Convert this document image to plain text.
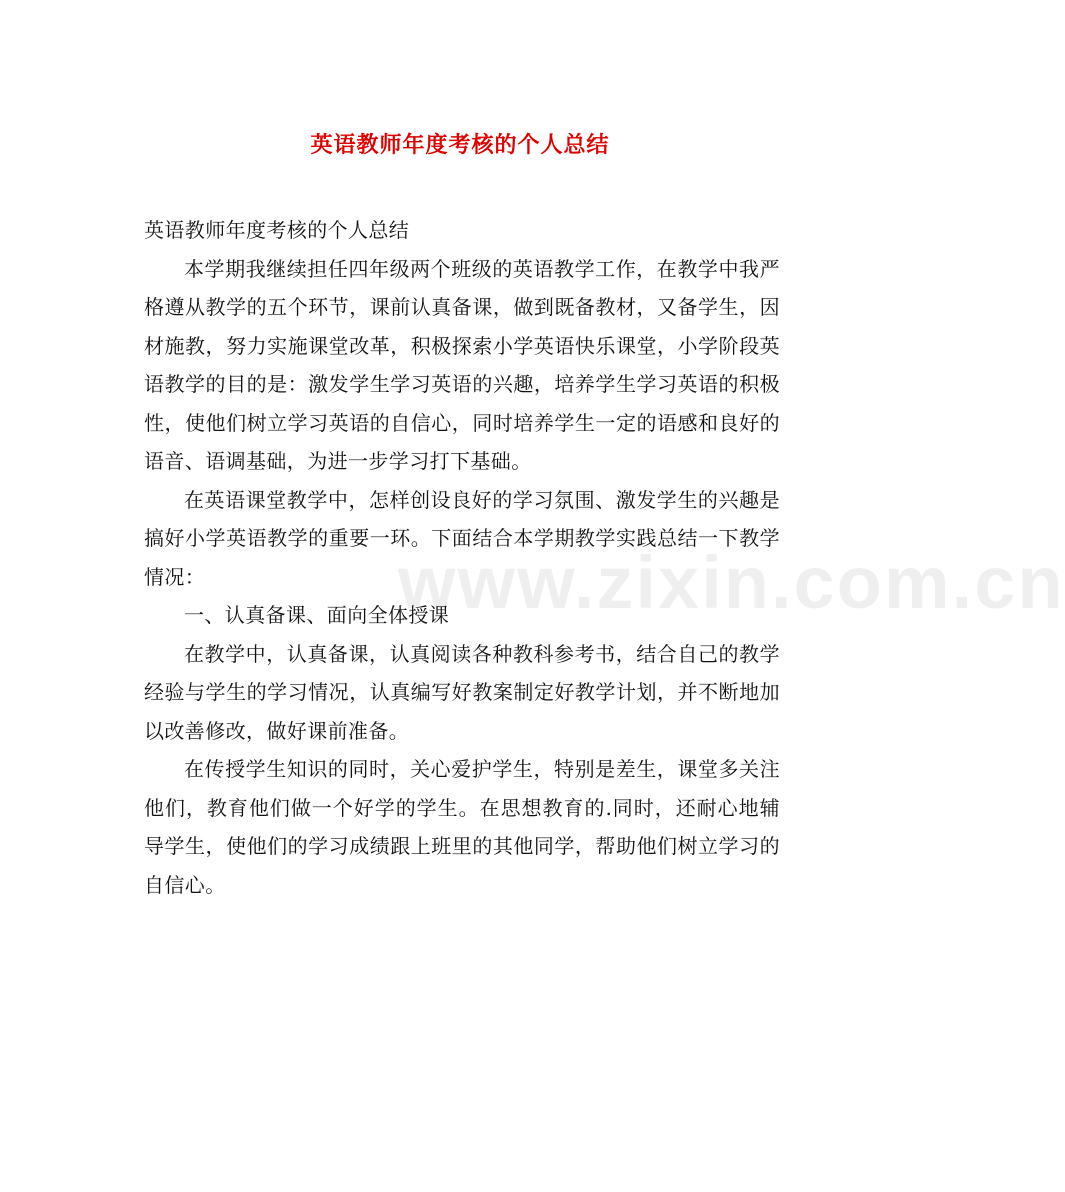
英语教师年度考核的个人总结

英语教师年度考核的个人总结

本学期我继续担任四年级两个班级的英语教学工作，在教学中我严格遵从教学的五个环节，课前认真备课，做到既备教材，又备学生，因材施教，努力实施课堂改革，积极探索小学英语快乐课堂，小学阶段英语教学的目的是：激发学生学习英语的兴趣，培养学生学习英语的积极性，使他们树立学习英语的自信心，同时培养学生一定的语感和良好的语音、语调基础，为进一步学习打下基础。

在英语课堂教学中，怎样创设良好的学习氛围、激发学生的兴趣是搞好小学英语教学的重要一环。下面结合本学期教学实践总结一下教学情况：

一、认真备课、面向全体授课

在教学中，认真备课，认真阅读各种教科参考书，结合自己的教学经验与学生的学习情况，认真编写好教案制定好教学计划，并不断地加以改善修改，做好课前准备。

在传授学生知识的同时，关心爱护学生，特别是差生，课堂多关注他们，教育他们做一个好学的学生。在思想教育的.同时，还耐心地辅导学生，使他们的学习成绩跟上班里的其他同学，帮助他们树立学习的自信心。

www.zixin.com.cn
